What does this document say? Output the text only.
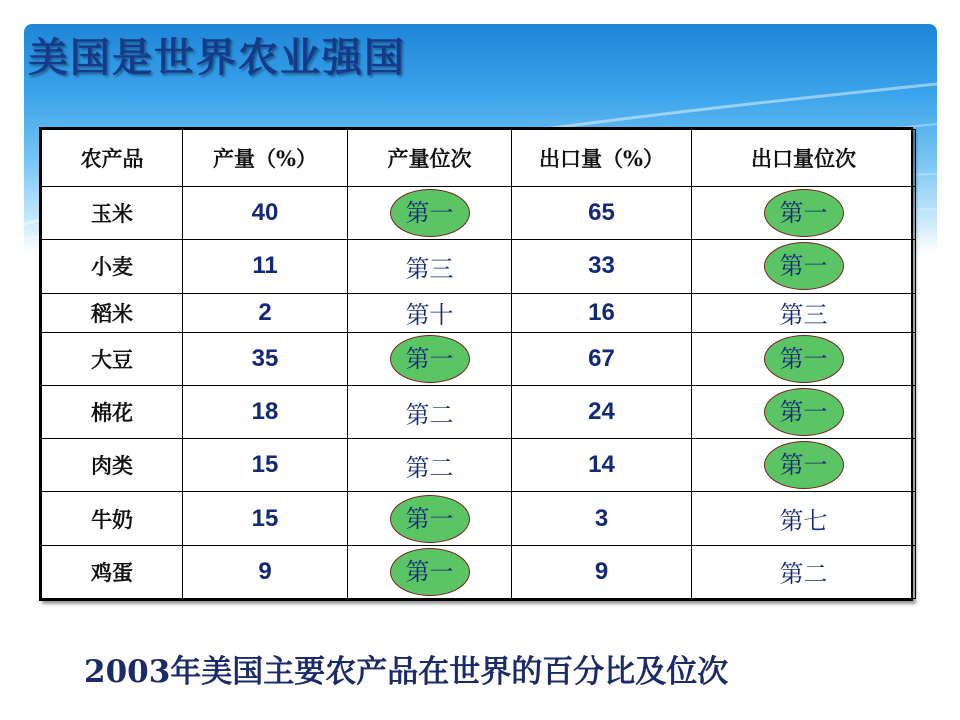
美国是世界农业强国
农产品	产量（%）	产量位次	出口量（%）	出口量位次
玉米	40	第一	65	第一
小麦	11	第三	33	第一
稻米	2	第十	16	第三
大豆	35	第一	67	第一
棉花	18	第二	24	第一
肉类	15	第二	14	第一
牛奶	15	第一	3	第七
鸡蛋	9	第一	9	第二
2003年美国主要农产品在世界的百分比及位次
